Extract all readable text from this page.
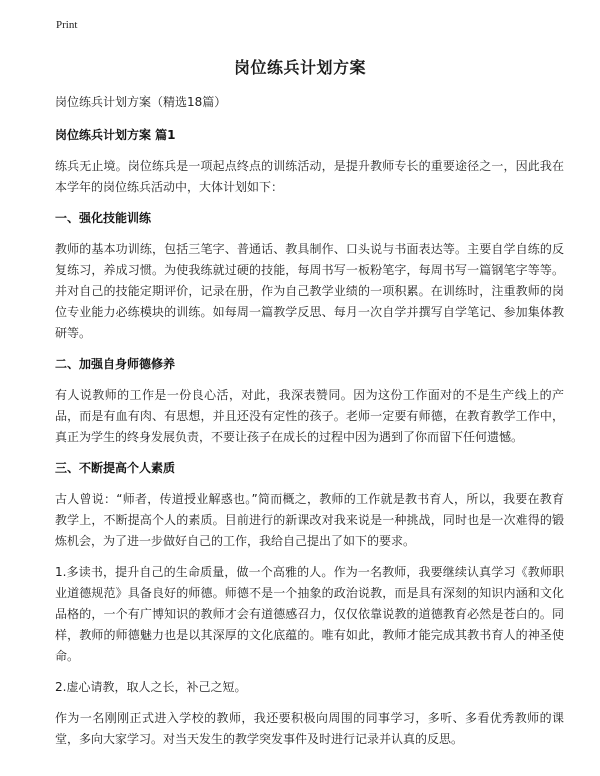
Print
岗位练兵计划方案
岗位练兵计划方案（精选18篇）
岗位练兵计划方案 篇1

练兵无止境。岗位练兵是一项起点终点的训练活动，是提升教师专长的重要途径之一，因此我在本学年的岗位练兵活动中，大体计划如下：

一、强化技能训练

教师的基本功训练，包括三笔字、普通话、教具制作、口头说与书面表达等。主要自学自练的反复练习，养成习惯。为使我练就过硬的技能，每周书写一板粉笔字，每周书写一篇钢笔字等等。并对自己的技能定期评价，记录在册，作为自己教学业绩的一项积累。在训练时，注重教师的岗位专业能力必练模块的训练。如每周一篇教学反思、每月一次自学并撰写自学笔记、参加集体教研等。

二、加强自身师德修养

有人说教师的工作是一份良心活，对此，我深表赞同。因为这份工作面对的不是生产线上的产品，而是有血有肉、有思想，并且还没有定性的孩子。老师一定要有师德，在教育教学工作中，真正为学生的终身发展负责，不要让孩子在成长的过程中因为遇到了你而留下任何遗憾。

三、不断提高个人素质

古人曾说：“师者，传道授业解惑也。”简而概之，教师的工作就是教书育人，所以，我要在教育教学上，不断提高个人的素质。目前进行的新课改对我来说是一种挑战，同时也是一次难得的锻炼机会，为了进一步做好自己的工作，我给自己提出了如下的要求。

1.多读书，提升自己的生命质量，做一个高雅的人。作为一名教师，我要继续认真学习《教师职业道德规范》具备良好的师德。师德不是一个抽象的政治说教，而是具有深刻的知识内涵和文化品格的，一个有广博知识的教师才会有道德感召力，仅仅依靠说教的道德教育必然是苍白的。同样，教师的师德魅力也是以其深厚的文化底蕴的。唯有如此，教师才能完成其教书育人的神圣使命。

2.虚心请教，取人之长，补己之短。

作为一名刚刚正式进入学校的教师，我还要积极向周围的同事学习，多听、多看优秀教师的课堂，多向大家学习。对当天发生的教学突发事件及时进行记录并认真的反思。
